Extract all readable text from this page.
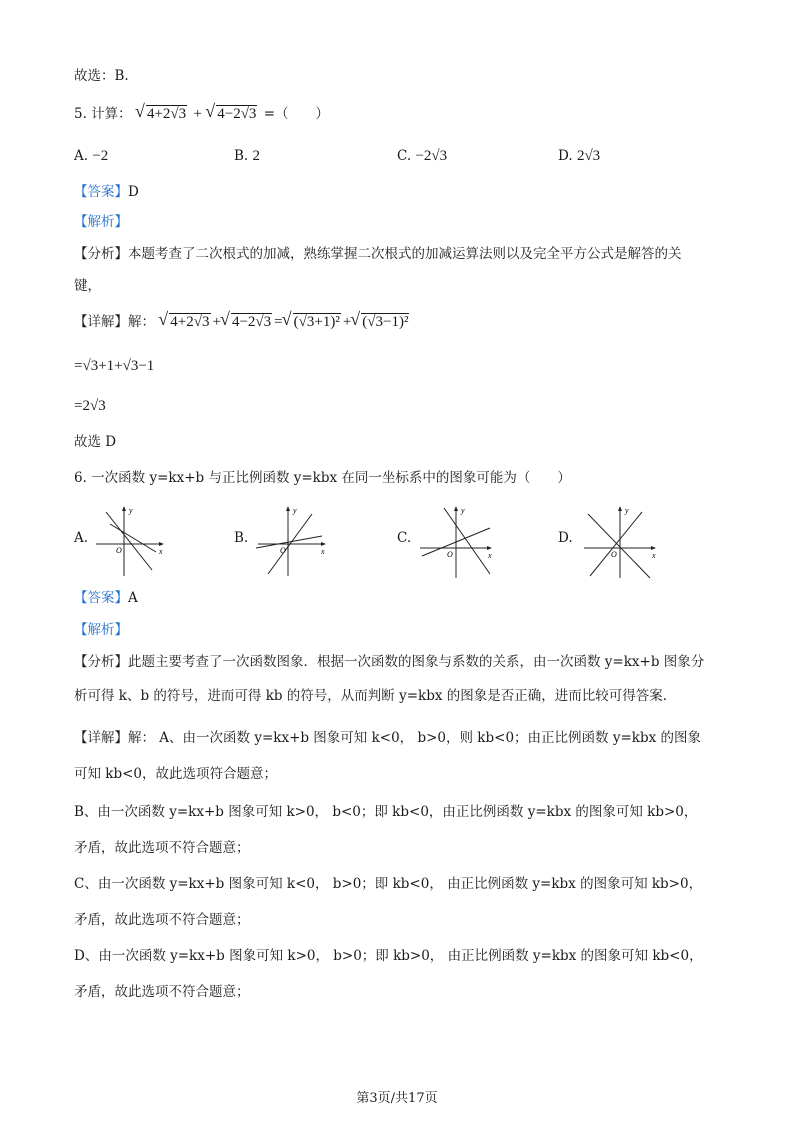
故选：B.
5. 计算： √ 4+2√3 + √ 4−2√3 =（　　）
A. −2	B. 2	C. −2√3	D. 2√3
【答案】D
【解析】
【分析】本题考查了二次根式的加减，熟练掌握二次根式的加减运算法则以及完全平方公式是解答的关
键，
【详解】解： √ 4+2√3 + √ 4−2√3 = √ (√3+1)² + √ (√3−1)²
=√3+1+√3−1
=2√3
故选 D
6. 一次函数 y=kx+b 与正比例函数 y=kbx 在同一坐标系中的图象可能为（　　）
A.	B.	C.	D.
y
x
O
y
x
O
y
x
O
y
x
O
【答案】A
【解析】
【分析】此题主要考查了一次函数图象．根据一次函数的图象与系数的关系，由一次函数 y=kx+b 图象分
析可得 k、b 的符号，进而可得 kb 的符号，从而判断 y=kbx 的图象是否正确，进而比较可得答案.
【详解】解： A、由一次函数 y=kx+b 图象可知 k<0， b>0，则 kb<0；由正比例函数 y=kbx 的图象
可知 kb<0，故此选项符合题意；
B、由一次函数 y=kx+b 图象可知 k>0， b<0；即 kb<0，由正比例函数 y=kbx 的图象可知 kb>0，
矛盾，故此选项不符合题意；
C、由一次函数 y=kx+b 图象可知 k<0， b>0；即 kb<0， 由正比例函数 y=kbx 的图象可知 kb>0，
矛盾，故此选项不符合题意；
D、由一次函数 y=kx+b 图象可知 k>0， b>0；即 kb>0， 由正比例函数 y=kbx 的图象可知 kb<0，
矛盾，故此选项不符合题意；
第3页/共17页
